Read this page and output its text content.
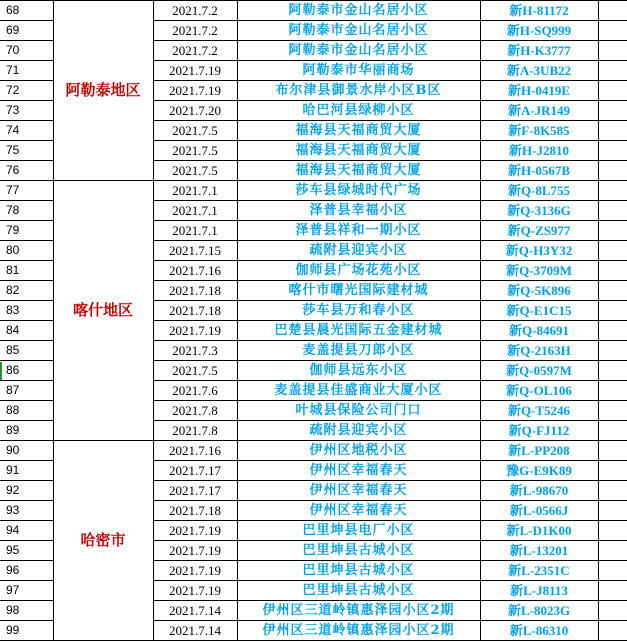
68	阿勒泰地区	2021.7.2	阿勒泰市金山名居小区	新H-81172	
69		2021.7.2	阿勒泰市金山名居小区	新H-SQ999	
70		2021.7.2	阿勒泰市金山名居小区	新H-K3777	
71		2021.7.19	阿勒泰市华丽商场	新A-3UB22	
72		2021.7.19	布尔津县御景水岸小区B区	新H-0419E	
73		2021.7.20	哈巴河县绿柳小区	新A-JR149	
74		2021.7.5	福海县天福商贸大厦	新F-8K585	
75		2021.7.5	福海县天福商贸大厦	新H-J2810	
76		2021.7.5	福海县天福商贸大厦	新H-0567B	
77	喀什地区	2021.7.1	莎车县绿城时代广场	新Q-8L755	
78		2021.7.1	泽普县幸福小区	新Q-3136G	
79		2021.7.1	泽普县祥和一期小区	新Q-ZS977	
80		2021.7.15	疏附县迎宾小区	新Q-H3Y32	
81		2021.7.16	伽师县广场花苑小区	新Q-3709M	
82		2021.7.18	喀什市曙光国际建材城	新Q-5K896	
83		2021.7.18	莎车县万和春小区	新Q-E1C15	
84		2021.7.19	巴楚县晨光国际五金建材城	新Q-84691	
85		2021.7.3	麦盖提县刀郎小区	新Q-2163H	
86		2021.7.5	伽师县远东小区	新Q-0597M	
87		2021.7.6	麦盖提县佳盛商业大厦小区	新Q-OL106	
88		2021.7.8	叶城县保险公司门口	新Q-T5246	
89		2021.7.8	疏附县迎宾小区	新Q-FJ112	
90	哈密市	2021.7.16	伊州区地税小区	新L-PP208	
91		2021.7.17	伊州区幸福春天	豫G-E9K89	
92		2021.7.17	伊州区幸福春天	新L-98670	
93		2021.7.18	伊州区幸福春天	新L-0566J	
94		2021.7.19	巴里坤县电厂小区	新L-D1K00	
95		2021.7.19	巴里坤县古城小区	新L-13201	
96		2021.7.19	巴里坤县古城小区	新L-2351C	
97		2021.7.19	巴里坤县古城小区	新L-J8113	
98		2021.7.14	伊州区三道岭镇惠泽园小区2期	新L-8023G	
99		2021.7.14	伊州区三道岭镇惠泽园小区2期	新L-86310	
